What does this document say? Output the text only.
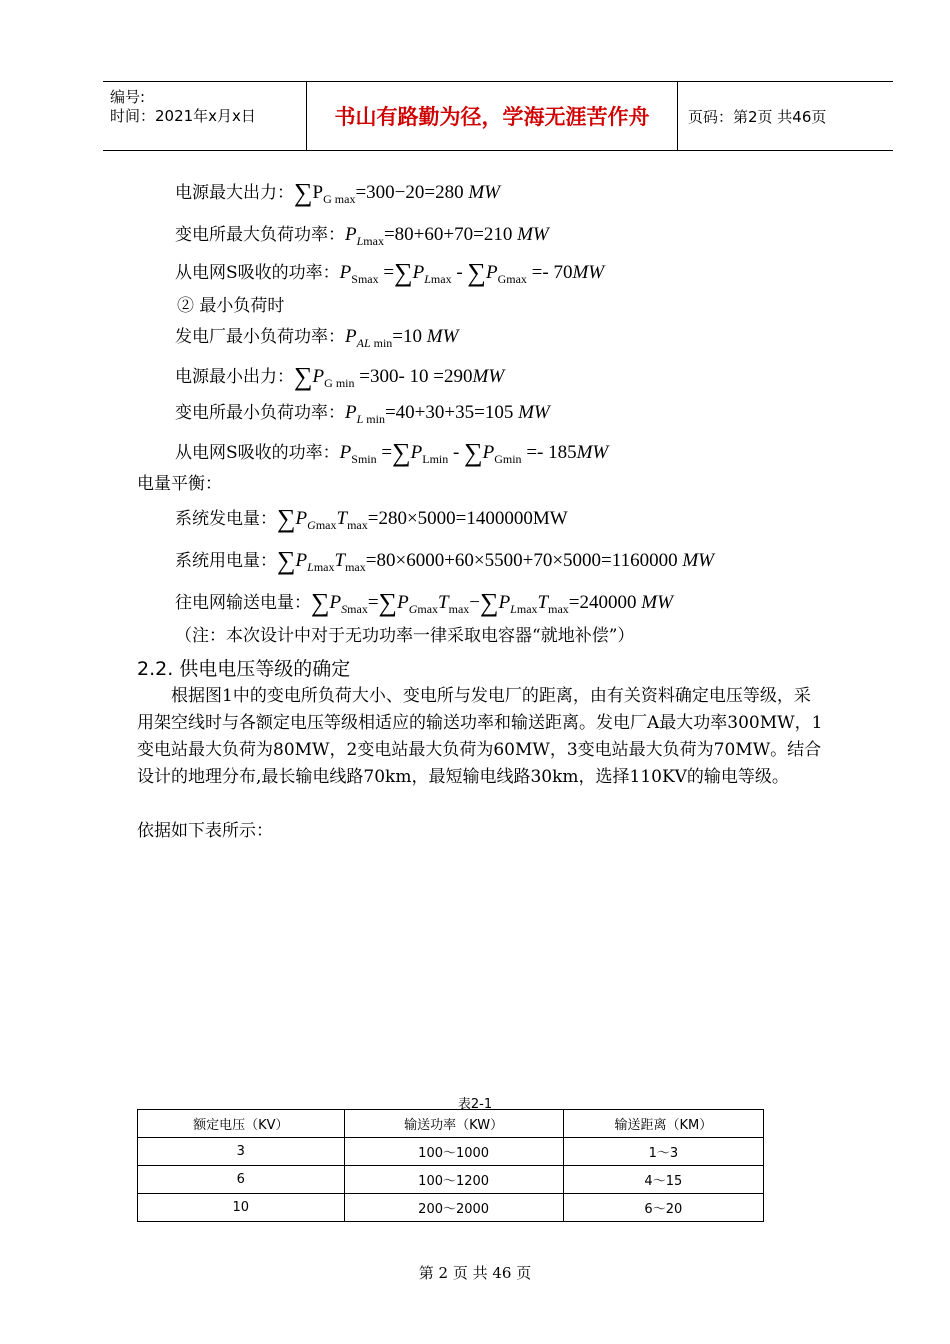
编号:
时间：2021年x月x日	书山有路勤为径，学海无涯苦作舟	页码：第2页 共46页
电源最大出力：$\sum P_{G max}=300-20=280$ MW
变电所最大负荷功率：$P_{Lmax}=80+60+70=210$ MW
从电网S吸收的功率：$P_{Smax} =\sum P_{Lmax} - \sum P_{Gmax} =- 70MW$
② 最小负荷时
发电厂最小负荷功率：$P_{AL min}=10$ MW
电源最小出力：$\sum P_{G min} =300-$ 10 =290MW
变电所最小负荷功率：$P_{L min}=40+30+35=105$ MW
从电网S吸收的功率：$P_{Smin} =\sum P_{Lmin} - \sum P_{Gmin} =- 185MW$
电量平衡：
系统发电量：$\sum P_{Gmax}T_{max}=280\times 5000=1400000MW$
系统用电量：$\sum P_{Lmax}T_{max}=80\times 6000+60\times 5500+70\times 5000=1160000$ MW
往电网输送电量：$\sum P_{Smax}=\sum P_{Gmax}T_{max}-\sum P_{Lmax}T_{max}=240000$ MW
（注：本次设计中对于无功功率一律采取电容器“就地补偿”）
2.2. 供电电压等级的确定
根据图1中的变电所负荷大小、变电所与发电厂的距离，由有关资料确定电压等级，采用架空线时与各额定电压等级相适应的输送功率和输送距离。发电厂A最大功率300MW，1变电站最大负荷为80MW，2变电站最大负荷为60MW，3变电站最大负荷为70MW。结合设计的地理分布,最长输电线路70km，最短输电线路30km，选择110KV的输电等级。
依据如下表所示：
表2-1
额定电压（KV）	输送功率（KW）	输送距离（KM）
3	100～1000	1～3
6	100～1200	4～15
10	200～2000	6～20
第 2 页 共 46 页
